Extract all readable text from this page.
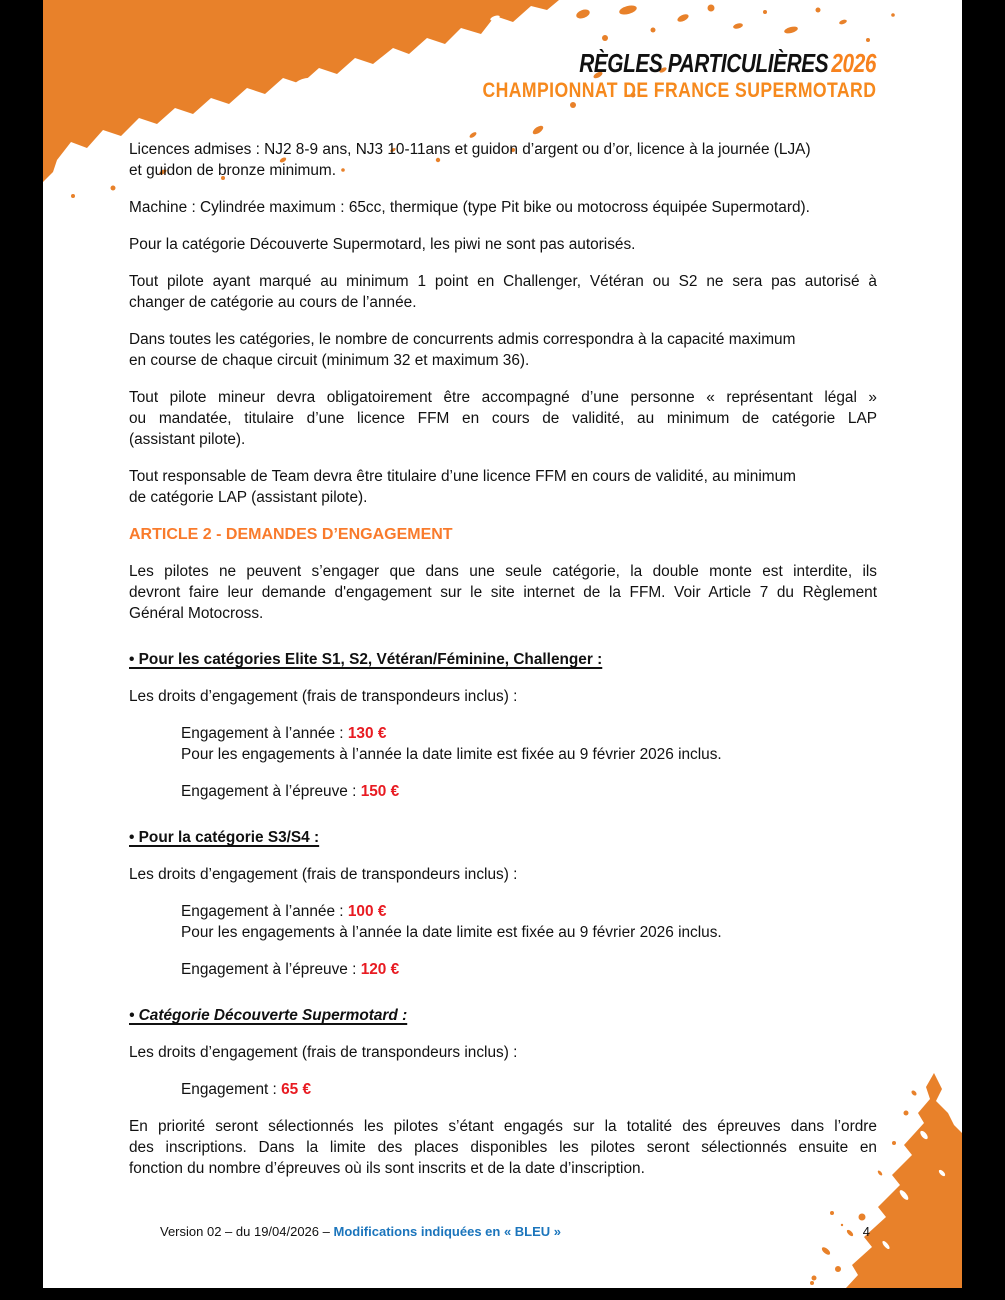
RÈGLES PARTICULIÈRES 2026
CHAMPIONNAT DE FRANCE SUPERMOTARD
Licences admises : NJ2 8-9 ans, NJ3 10-11ans et guidon d’argent ou d’or, licence à la journée (LJA)
et guidon de bronze minimum.
Machine : Cylindrée maximum : 65cc, thermique (type Pit bike ou motocross équipée Supermotard).
Pour la catégorie Découverte Supermotard, les piwi ne sont pas autorisés.
Tout pilote ayant marqué au minimum 1 point en Challenger, Vétéran ou S2 ne sera pas autorisé à
changer de catégorie au cours de l’année.
Dans toutes les catégories, le nombre de concurrents admis correspondra à la capacité maximum
en course de chaque circuit (minimum 32 et maximum 36).
Tout pilote mineur devra obligatoirement être accompagné d’une personne « représentant légal »
ou mandatée, titulaire d’une licence FFM en cours de validité, au minimum de catégorie LAP
(assistant pilote).
Tout responsable de Team devra être titulaire d’une licence FFM en cours de validité, au minimum
de catégorie LAP (assistant pilote).
ARTICLE 2 - DEMANDES D’ENGAGEMENT
Les pilotes ne peuvent s’engager que dans une seule catégorie, la double monte est interdite, ils
devront faire leur demande d'engagement sur le site internet de la FFM. Voir Article 7 du Règlement
Général Motocross.
• Pour les catégories Elite S1, S2, Vétéran/Féminine, Challenger :
Les droits d’engagement (frais de transpondeurs inclus) :
Engagement à l’année : 130 €
Pour les engagements à l’année la date limite est fixée au 9 février 2026 inclus.
Engagement à l’épreuve : 150 €
• Pour la catégorie S3/S4 :
Les droits d’engagement (frais de transpondeurs inclus) :
Engagement à l’année : 100 €
Pour les engagements à l’année la date limite est fixée au 9 février 2026 inclus.
Engagement à l’épreuve : 120 €
• Catégorie Découverte Supermotard :
Les droits d’engagement (frais de transpondeurs inclus) :
Engagement : 65 €
En priorité seront sélectionnés les pilotes s’étant engagés sur la totalité des épreuves dans l’ordre
des inscriptions. Dans la limite des places disponibles les pilotes seront sélectionnés ensuite en
fonction du nombre d’épreuves où ils sont inscrits et de la date d’inscription.
Version 02 – du 19/04/2026 – Modifications indiquées en « BLEU »	4
